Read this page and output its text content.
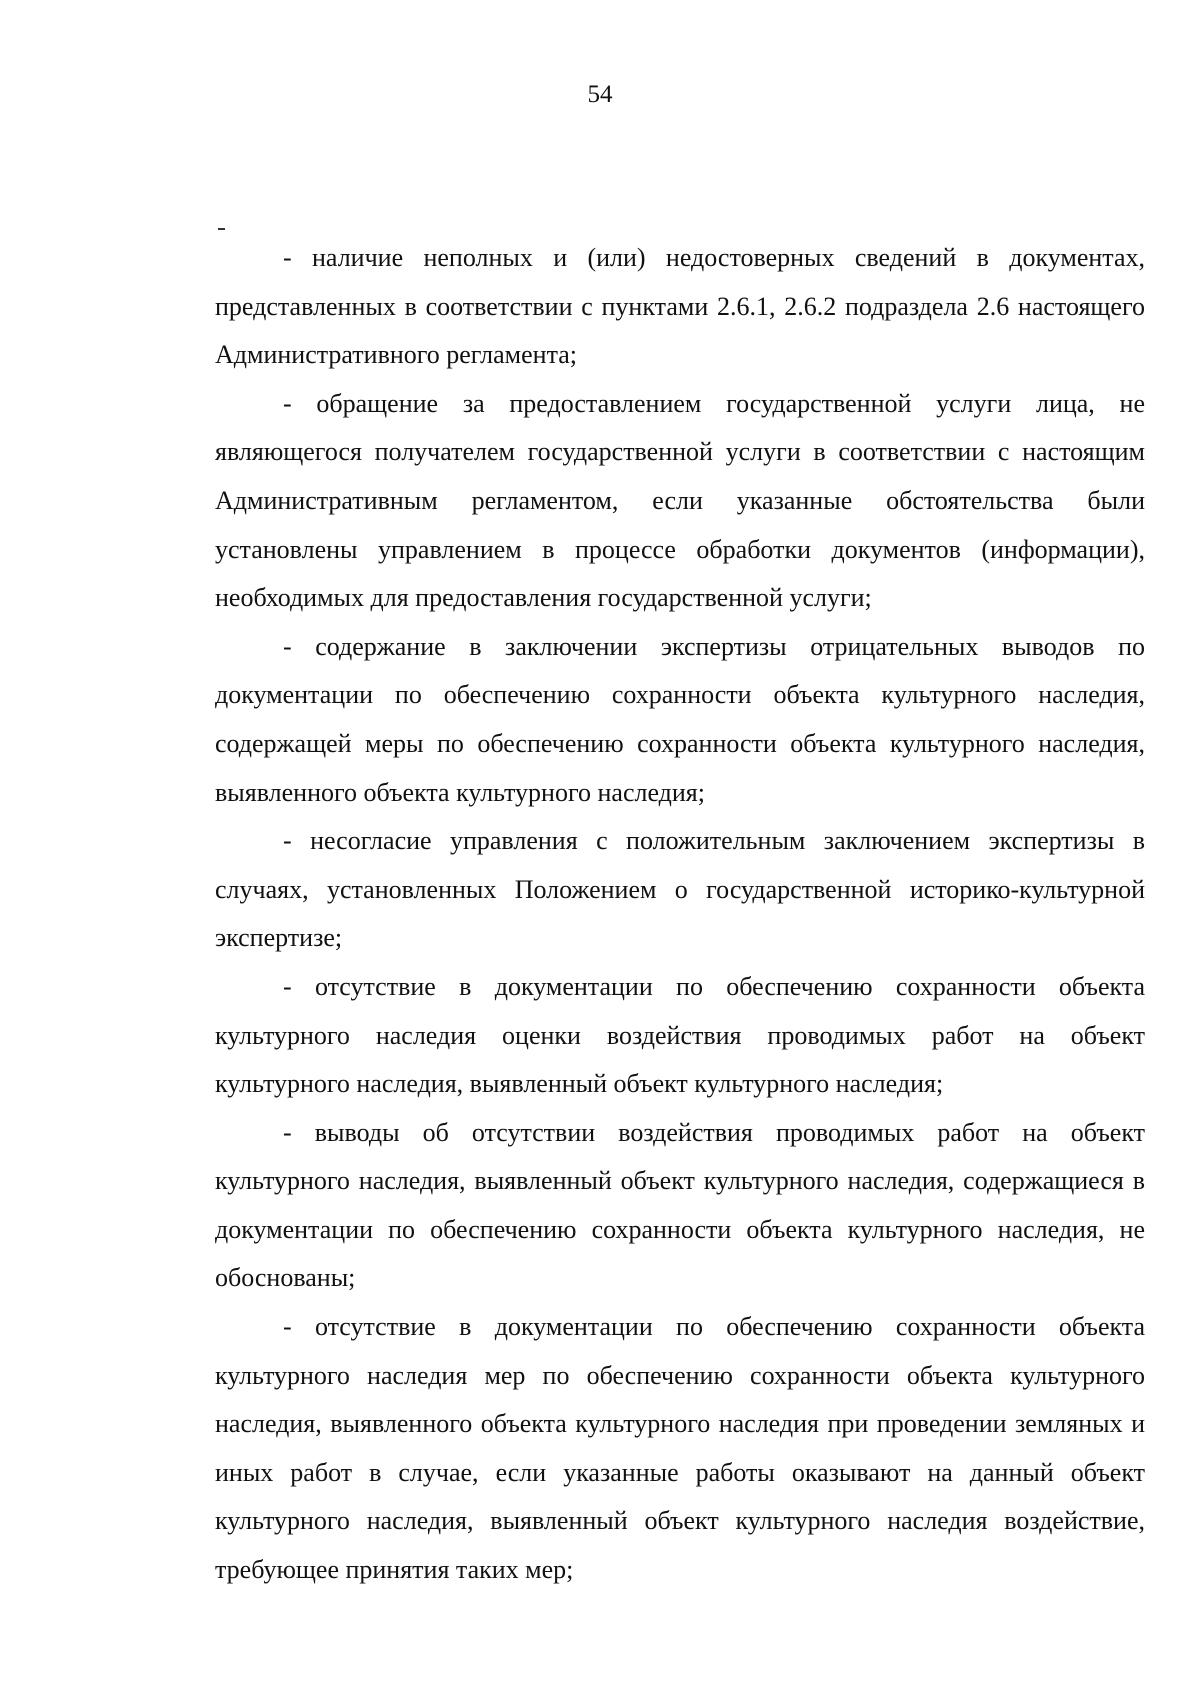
54

- наличие неполных и (или) недостоверных сведений в документах, представленных в соответствии с пунктами 2.6.1, 2.6.2 подраздела 2.6 настоящего Административного регламента;

- обращение за предоставлением государственной услуги лица, не являющегося получателем государственной услуги в соответствии с настоящим Административным регламентом, если указанные обстоятельства были установлены управлением в процессе обработки документов (информации), необходимых для предоставления государственной услуги;

- содержание в заключении экспертизы отрицательных выводов по документации по обеспечению сохранности объекта культурного наследия, содержащей меры по обеспечению сохранности объекта культурного наследия, выявленного объекта культурного наследия;

- несогласие управления с положительным заключением экспертизы в случаях, установленных Положением о государственной историко-культурной экспертизе;

- отсутствие в документации по обеспечению сохранности объекта культурного наследия оценки воздействия проводимых работ на объект культурного наследия, выявленный объект культурного наследия;

- выводы об отсутствии воздействия проводимых работ на объект культурного наследия, выявленный объект культурного наследия, содержащиеся в документации по обеспечению сохранности объекта культурного наследия, не обоснованы;

- отсутствие в документации по обеспечению сохранности объекта культурного наследия мер по обеспечению сохранности объекта культурного наследия, выявленного объекта культурного наследия при проведении земляных и иных работ в случае, если указанные работы оказывают на данный объект культурного наследия, выявленный объект культурного наследия воздействие, требующее принятия таких мер;
